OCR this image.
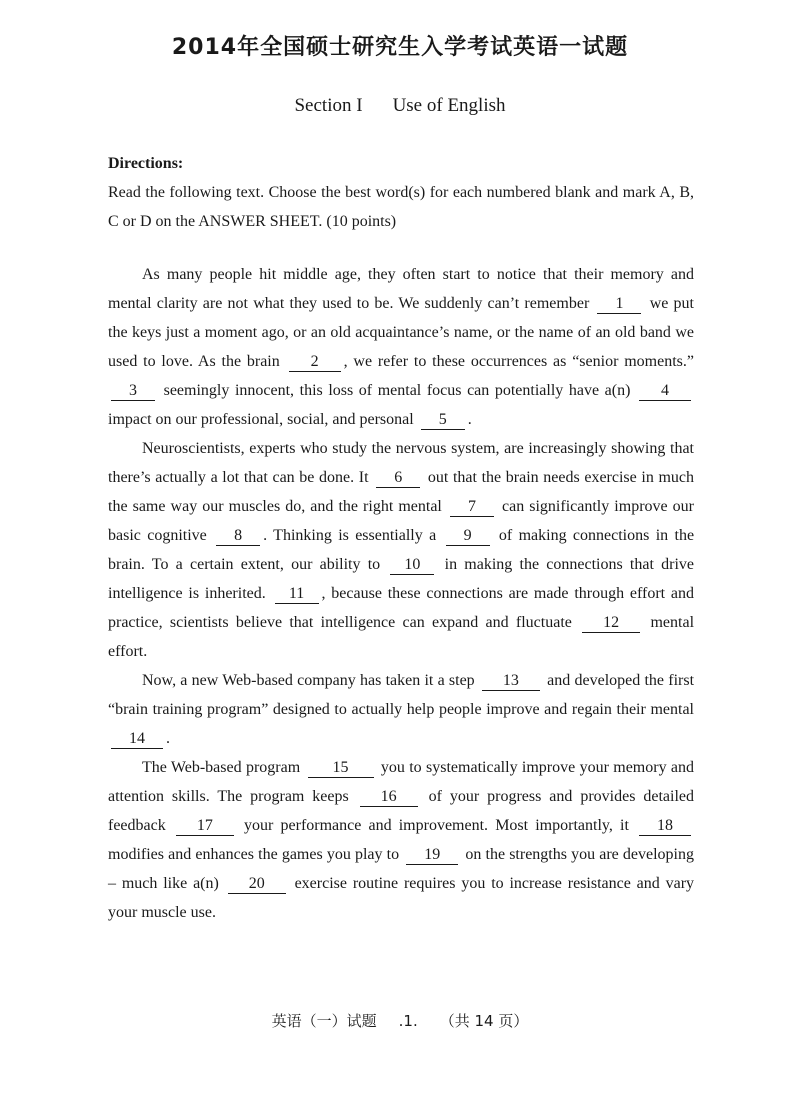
2014年全国硕士研究生入学考试英语一试题
Section I Use of English
Directions:
Read the following text. Choose the best word(s) for each numbered blank and mark A, B, C or D on the ANSWER SHEET. (10 points)

As many people hit middle age, they often start to notice that their memory and mental clarity are not what they used to be. We suddenly can’t remember 1 we put the keys just a moment ago, or an old acquaintance’s name, or the name of an old band we used to love. As the brain 2 , we refer to these occurrences as “senior moments.” 3 seemingly innocent, this loss of mental focus can potentially have a(n) 4 impact on our professional, social, and personal 5 .

Neuroscientists, experts who study the nervous system, are increasingly showing that there’s actually a lot that can be done. It 6 out that the brain needs exercise in much the same way our muscles do, and the right mental 7 can significantly improve our basic cognitive 8 . Thinking is essentially a 9 of making connections in the brain. To a certain extent, our ability to 10 in making the connections that drive intelligence is inherited. 11 , because these connections are made through effort and practice, scientists believe that intelligence can expand and fluctuate 12 mental effort.

Now, a new Web-based company has taken it a step 13 and developed the first “brain training program” designed to actually help people improve and regain their mental 14 .

The Web-based program 15 you to systematically improve your memory and attention skills. The program keeps 16 of your progress and provides detailed feedback 17 your performance and improvement. Most importantly, it 18 modifies and enhances the games you play to 19 on the strengths you are developing – much like a(n) 20 exercise routine requires you to increase resistance and vary your muscle use.

英语（一）试题 .1. （共 14 页）
